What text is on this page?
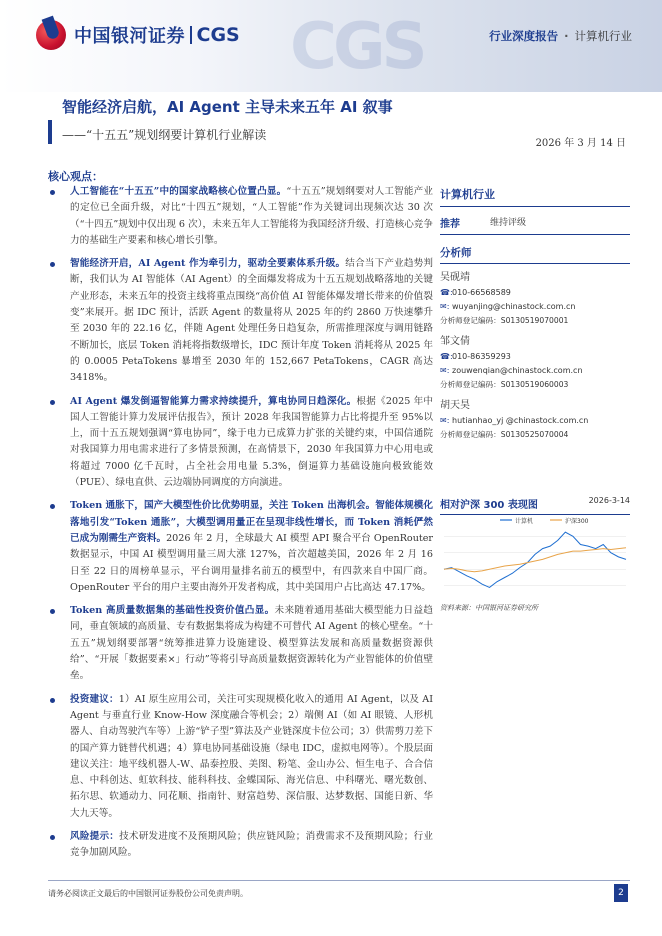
中国银河证券 CGS CGS	行业深度报告 · 计算机行业
智能经济启航，AI Agent 主导未来五年 AI 叙事
——“十五五”规划纲要计算机行业解读
2026 年 3 月 14 日
核心观点：
人工智能在“十五五”中的国家战略核心位置凸显。“十五五”规划纲要对人工智能产业的定位已全面升级，对比“十四五”规划，“人工智能”作为关键词出现频次达 30 次（“十四五”规划中仅出现 6 次），未来五年人工智能将为我国经济升级、打造核心竞争力的基础生产要素和核心增长引擎。
智能经济开启，AI Agent 作为牵引力，驱动全要素体系升级。结合当下产业趋势判断，我们认为 AI 智能体（AI Agent）的全面爆发将成为十五五规划战略落地的关键产业形态，未来五年的投资主线将重点围绕“高价值 AI 智能体爆发增长带来的价值裂变”来展开。据 IDC 预计，活跃 Agent 的数量将从 2025 年的约 2860 万快速攀升至 2030 年的 22.16 亿，伴随 Agent 处理任务日趋复杂，所需推理深度与调用链路不断加长，底层 Token 消耗将指数级增长，IDC 预计年度 Token 消耗将从 2025 年的 0.0005 PetaTokens 暴增至 2030 年的 152,667 PetaTokens，CAGR 高达 3418%。
AI Agent 爆发倒逼智能算力需求持续提升，算电协同日趋深化。根据《2025 年中国人工智能计算力发展评估报告》，预计 2028 年我国智能算力占比将提升至 95%以上，而十五五规划强调“算电协同”，缘于电力已成算力扩张的关键约束，中国信通院对我国算力用电需求进行了多情景预测，在高情景下，2030 年我国算力中心用电或将超过 7000 亿千瓦时，占全社会用电量 5.3%，倒逼算力基础设施向极致能效（PUE）、绿电直供、云边端协同调度的方向演进。
Token 通胀下，国产大模型性价比优势明显，关注 Token 出海机会。智能体规模化落地引发“Token 通胀”，大模型调用量正在呈现非线性增长，而 Token 消耗俨然已成为刚需生产资料。2026 年 2 月，全球最大 AI 模型 API 聚合平台 OpenRouter 数据显示，中国 AI 模型调用量三周大涨 127%，首次超越美国，2026 年 2 月 16 日至 22 日的周榜单显示，平台调用量排名前五的模型中，有四款来自中国厂商。OpenRouter 平台的用户主要由海外开发者构成，其中美国用户占比高达 47.17%。
Token 高质量数据集的基础性投资价值凸显。未来随着通用基础大模型能力日益趋同，垂直领域的高质量、专有数据集将成为构建不可替代 AI Agent 的核心壁垒。“十五五”规划纲要部署“统筹推进算力设施建设、模型算法发展和高质量数据资源供给”、“开展「数据要素×」行动”等将引导高质量数据资源转化为产业智能体的价值壁垒。
投资建议：1）AI 原生应用公司，关注可实现规模化收入的通用 AI Agent，以及 AI Agent 与垂直行业 Know-How 深度融合等机会；2）端侧 AI（如 AI 眼镜、人形机器人、自动驾驶汽车等）上游“铲子型”算法及产业链深度卡位公司；3）供需剪刀差下的国产算力链替代机遇；4）算电协同基础设施（绿电 IDC，虚拟电网等）。个股层面建议关注：地平线机器人-W、晶泰控股、美图、粉笔、金山办公、恒生电子、合合信息、中科创达、虹软科技、能科科技、金蝶国际、海光信息、中科曙光、曙光数创、拓尔思、软通动力、同花顺、指南针、财富趋势、深信服、达梦数据、国能日新、华大九天等。
风险提示：技术研发进度不及预期风险；供应链风险；消费需求不及预期风险；行业竞争加剧风险。
计算机行业
推荐	维持评级
分析师
吴砚靖
☎: 010-66568589
✉: wuyanjing@chinastock.com.cn
分析师登记编码：S0130519070001
邹文倩
☎: 010-86359293
✉: zouwenqian@chinastock.com.cn
分析师登记编码：S0130519060003
胡天昊
✉: hutianhao_yj @chinastock.com.cn
分析师登记编码：S0130525070004
相对沪深 300 表现图	2026-3-14
计算机	沪深300
资料来源：中国银河证券研究所
请务必阅读正文最后的中国银河证券股份公司免责声明。	2
